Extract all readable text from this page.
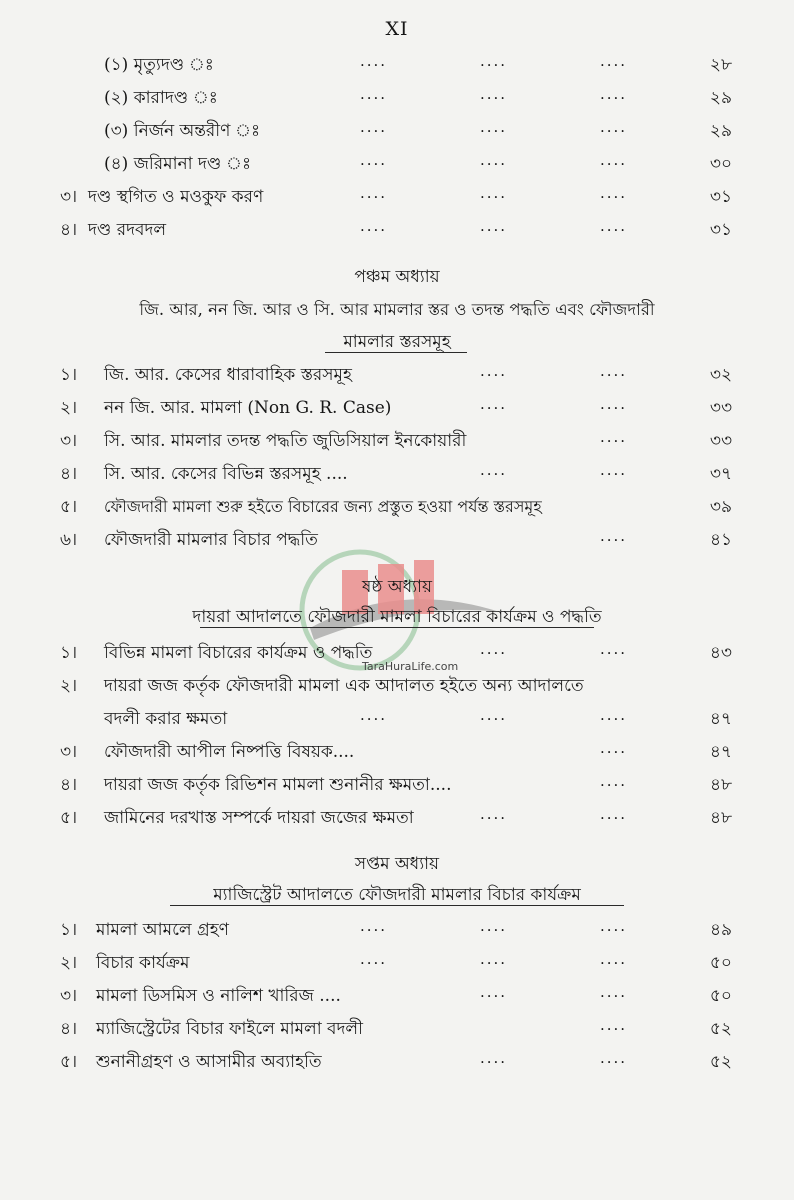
XI
(১) মৃত্যুদণ্ড ঃ	....	....	....	২৮
(২) কারাদণ্ড ঃ	....	....	....	২৯
(৩) নির্জন অন্তরীণ ঃ	....	....	....	২৯
(৪) জরিমানা দণ্ড ঃ	....	....	....	৩০
৩। দণ্ড স্থগিত ও মওকুফ করণ	....	....	....	৩১
৪। দণ্ড রদবদল	....	....	....	৩১
পঞ্চম অধ্যায়
জি. আর, নন জি. আর ও সি. আর মামলার স্তর ও তদন্ত পদ্ধতি এবং ফৌজদারী
মামলার স্তরসমূহ
১। জি. আর. কেসের ধারাবাহিক স্তরসমূহ	....	....	৩২
২। নন জি. আর. মামলা (Non G. R. Case)	....	....	৩৩
৩। সি. আর. মামলার তদন্ত পদ্ধতি জুডিসিয়াল ইনকোয়ারী	....	৩৩
৪। সি. আর. কেসের বিভিন্ন স্তরসমূহ ....	....	....	৩৭
৫। ফৌজদারী মামলা শুরু হইতে বিচারের জন্য প্রস্তুত হওয়া পর্যন্ত স্তরসমূহ	৩৯
৬। ফৌজদারী মামলার বিচার পদ্ধতি	....	৪১
TaraHuraLife.com
ষষ্ঠ অধ্যায়
দায়রা আদালতে ফৌজদারী মামলা বিচারের কার্যক্রম ও পদ্ধতি
১। বিভিন্ন মামলা বিচারের কার্যক্রম ও পদ্ধতি	....	....	৪৩
২। দায়রা জজ কর্তৃক ফৌজদারী মামলা এক আদালত হইতে অন্য আদালতে
বদলী করার ক্ষমতা	....	....	....	৪৭
৩। ফৌজদারী আপীল নিষ্পত্তি বিষয়ক....	....	৪৭
৪। দায়রা জজ কর্তৃক রিভিশন মামলা শুনানীর ক্ষমতা....	....	৪৮
৫। জামিনের দরখাস্ত সম্পর্কে দায়রা জজের ক্ষমতা	....	....	৪৮
সপ্তম অধ্যায়
ম্যাজিস্ট্রেট আদালতে ফৌজদারী মামলার বিচার কার্যক্রম
১। মামলা আমলে গ্রহণ	....	....	....	৪৯
২। বিচার কার্যক্রম	....	....	....	৫০
৩। মামলা ডিসমিস ও নালিশ খারিজ ....	....	....	৫০
৪। ম্যাজিস্ট্রেটের বিচার ফাইলে মামলা বদলী	....	৫২
৫। শুনানীগ্রহণ ও আসামীর অব্যাহতি	....	....	৫২
